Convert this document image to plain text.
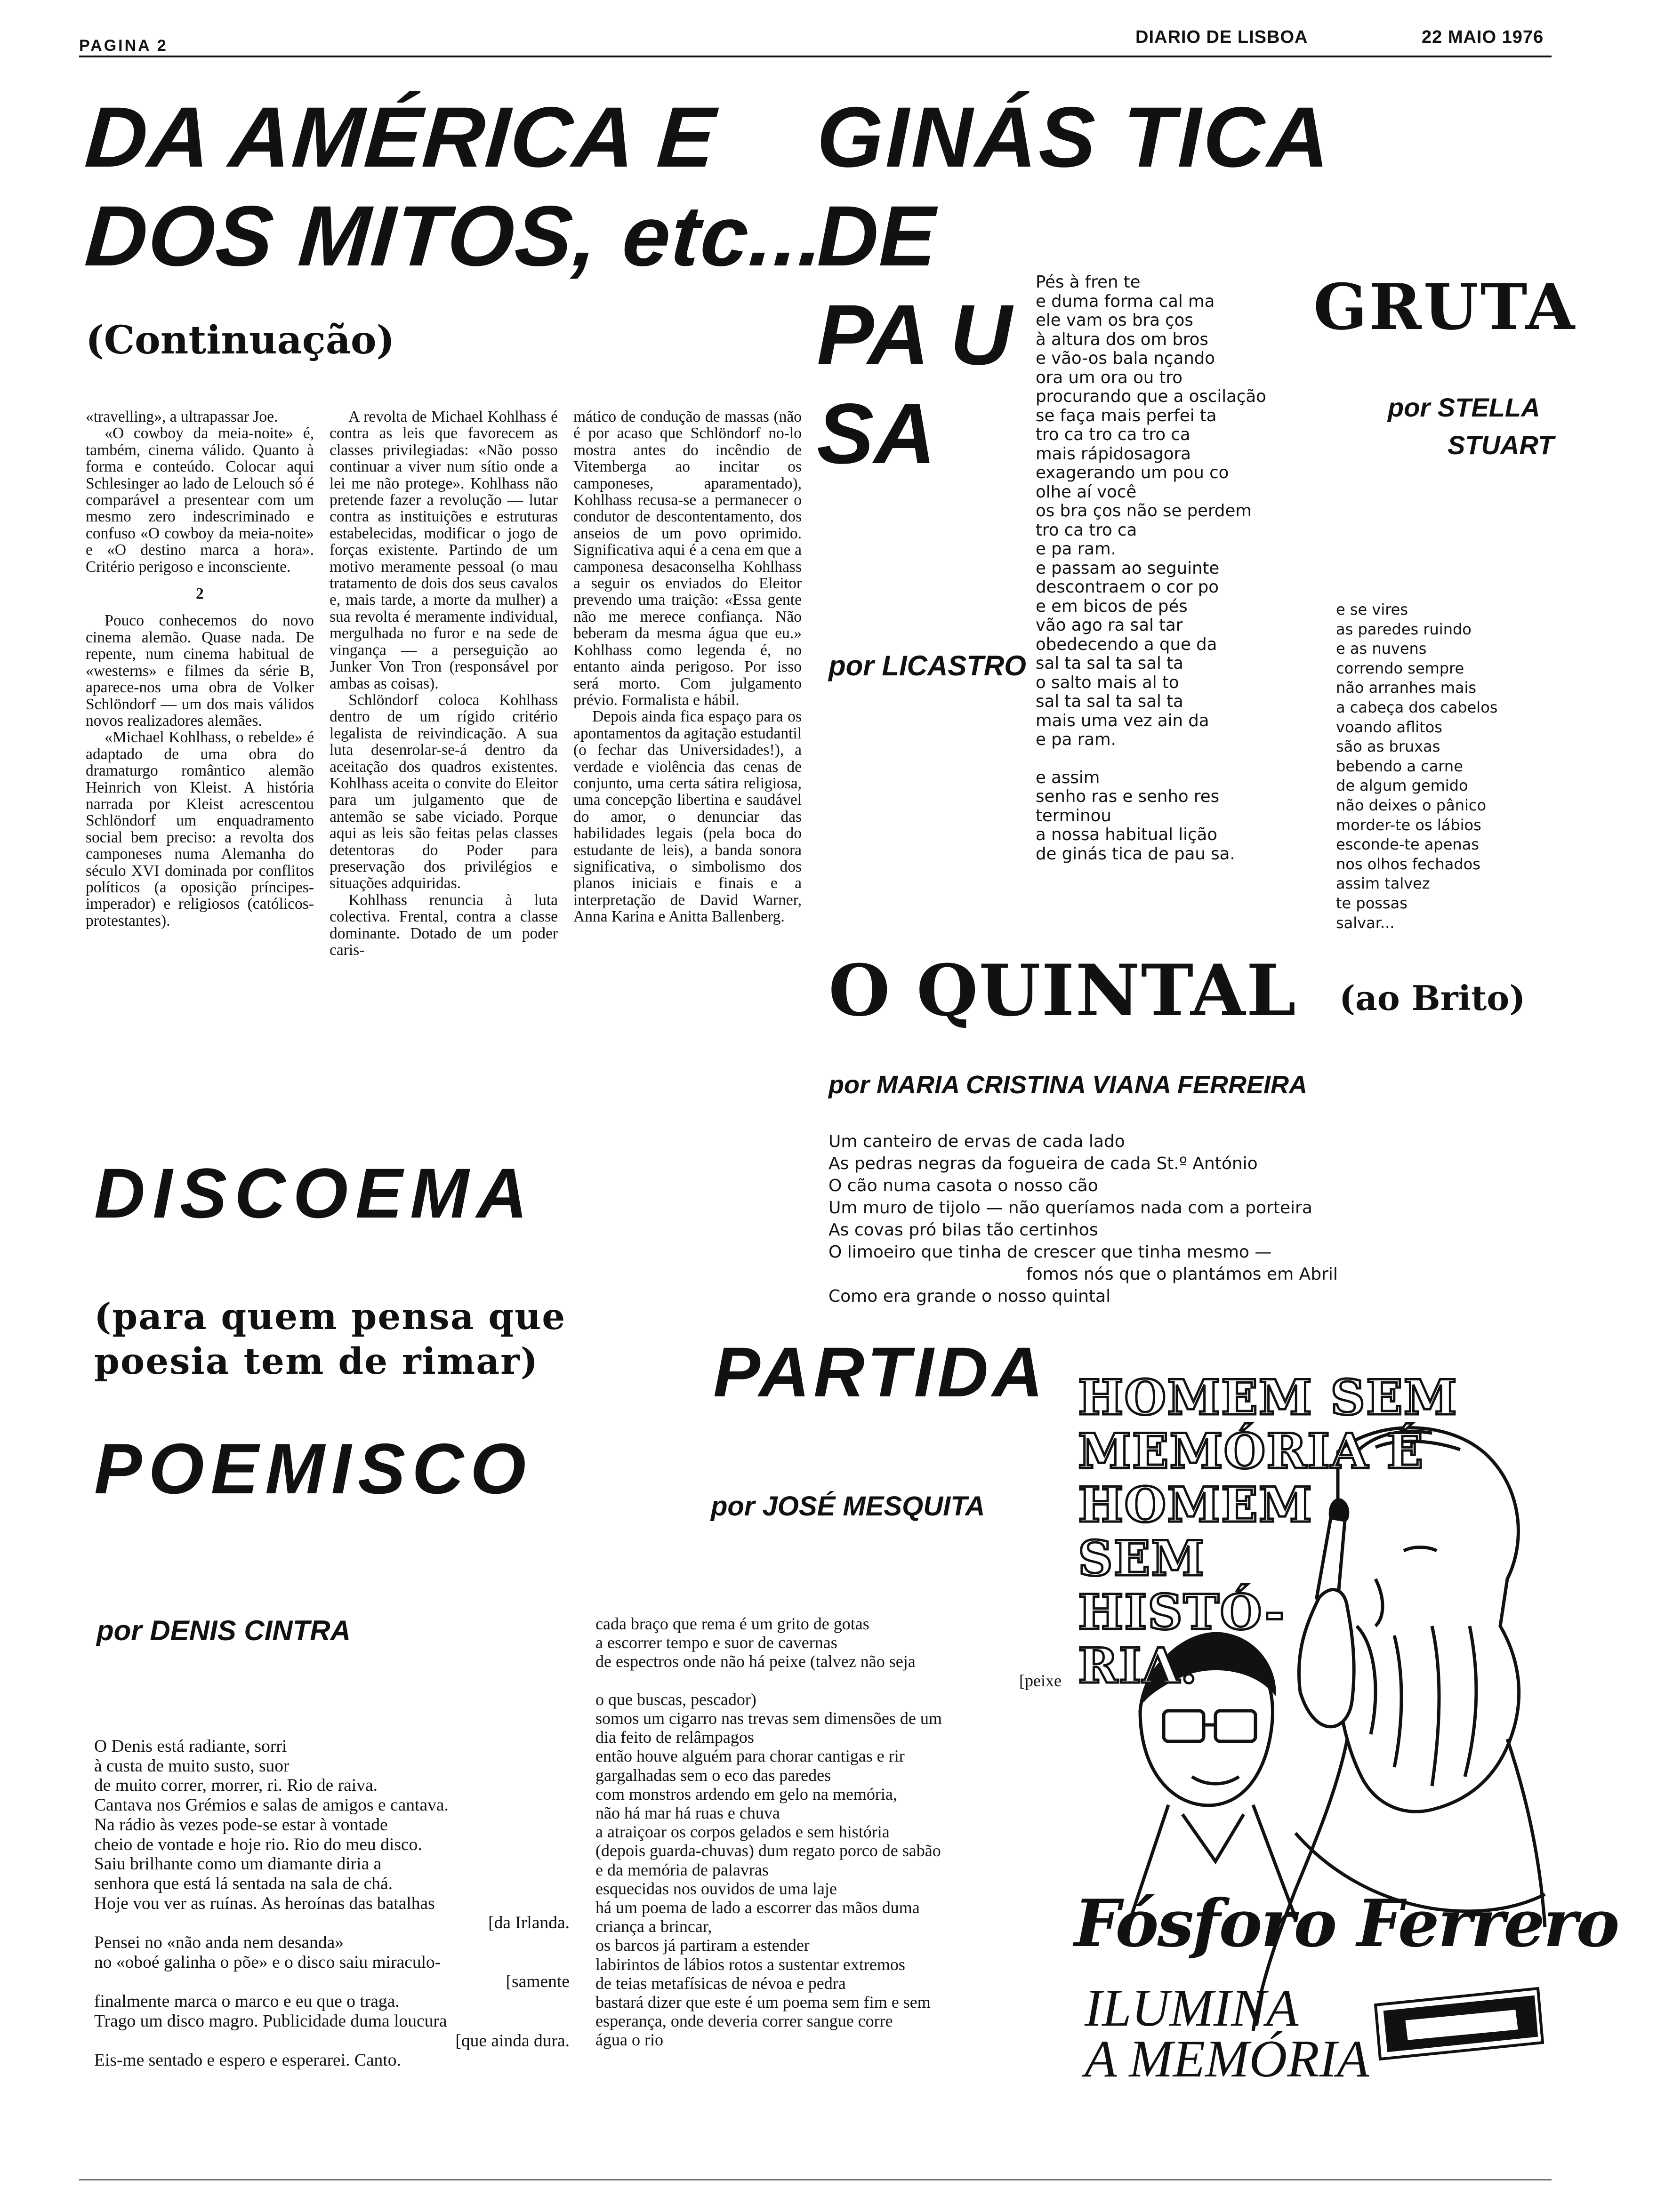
PAGINA 2	DIARIO DE LISBOA	22 MAIO 1976
DA AMÉRICA E
DOS MITOS, etc...
(Continuação)

«travelling», a ultrapassar Joe.

«O cowboy da meia-noite» é, também, cinema válido. Quanto à forma e conteúdo. Colocar aqui Schlesinger ao lado de Lelouch só é comparável a presentear com um mesmo zero indescriminado e confuso «O cowboy da meia-noite» e «O destino marca a hora». Critério perigoso e inconsciente.

2

Pouco conhecemos do novo cinema alemão. Quase nada. De repente, num cinema habitual de «westerns» e filmes da série B, aparece-nos uma obra de Volker Schlöndorf — um dos mais válidos novos realizadores alemães.

«Michael Kohlhass, o rebelde» é adaptado de uma obra do dramaturgo romântico alemão Heinrich von Kleist. A história narrada por Kleist acrescentou Schlöndorf um enquadramento social bem preciso: a revolta dos camponeses numa Alemanha do século XVI dominada por conflitos políticos (a oposição príncipes-imperador) e religiosos (católicos-protestantes).

A revolta de Michael Kohlhass é contra as leis que favorecem as classes privilegiadas: «Não posso continuar a viver num sítio onde a lei me não protege». Kohlhass não pretende fazer a revolução — lutar contra as instituições e estruturas estabelecidas, modificar o jogo de forças existente. Partindo de um motivo meramente pessoal (o mau tratamento de dois dos seus cavalos e, mais tarde, a morte da mulher) a sua revolta é meramente individual, mergulhada no furor e na sede de vingança — a perseguição ao Junker Von Tron (responsável por ambas as coisas).

Schlöndorf coloca Kohlhass dentro de um rígido critério legalista de reivindicação. A sua luta desenrolar-se-á dentro da aceitação dos quadros existentes. Kohlhass aceita o convite do Eleitor para um julgamento que de antemão se sabe viciado. Porque aqui as leis são feitas pelas classes detentoras do Poder para preservação dos privilégios e situações adquiridas.

Kohlhass renuncia à luta colectiva. Frental, contra a classe dominante. Dotado de um poder caris-

mático de condução de massas (não é por acaso que Schlöndorf no-lo mostra antes do incêndio de Vitemberga ao incitar os camponeses, aparamentado), Kohlhass recusa-se a permanecer o condutor de descontentamento, dos anseios de um povo oprimido. Significativa aqui é a cena em que a camponesa desaconselha Kohlhass a seguir os enviados do Eleitor prevendo uma traição: «Essa gente não me merece confiança. Não beberam da mesma água que eu.» Kohlhass como legenda é, no entanto ainda perigoso. Por isso será morto. Com julgamento prévio. Formalista e hábil.

Depois ainda fica espaço para os apontamentos da agitação estudantil (o fechar das Universidades!), a verdade e violência das cenas de conjunto, uma certa sátira religiosa, uma concepção libertina e saudável do amor, o denunciar das habilidades legais (pela boca do estudante de leis), a banda sonora significativa, o simbolismo dos planos iniciais e finais e a interpretação de David Warner, Anna Karina e Anitta Ballenberg.

GINÁS TICA
DE
PA U
SA
por LICASTRO
Pés à fren te
e duma forma cal ma
ele vam os bra ços
à altura dos om bros
e vão-os bala nçando
ora um ora ou tro
procurando que a oscilação
se faça mais perfei ta
tro ca tro ca tro ca
mais rápidosagora
exagerando um pou co
olhe aí você
os bra ços não se perdem
tro ca tro ca
e pa ram.
e passam ao seguinte
descontraem o cor po
e em bicos de pés
vão ago ra sal tar
obedecendo a que da
sal ta sal ta sal ta
o salto mais al to
sal ta sal ta sal ta
mais uma vez ain da
e pa ram.
e assim
senho ras e senho res
terminou
a nossa habitual lição
de ginás tica de pau sa.
GRUTA
por STELLA
STUART
e se vires
as paredes ruindo
e as nuvens
correndo sempre
não arranhes mais
a cabeça dos cabelos
voando aflitos
são as bruxas
bebendo a carne
de algum gemido
não deixes o pânico
morder-te os lábios
esconde-te apenas
nos olhos fechados
assim talvez
te possas
salvar...
O QUINTAL (ao Brito)
por MARIA CRISTINA VIANA FERREIRA
Um canteiro de ervas de cada lado
As pedras negras da fogueira de cada St.º António
O cão numa casota o nosso cão
Um muro de tijolo — não queríamos nada com a porteira
As covas pró bilas tão certinhos
O limoeiro que tinha de crescer que tinha mesmo —
fomos nós que o plantámos em Abril
Como era grande o nosso quintal
DISCOEMA
(para quem pensa que
poesia tem de rimar)
POEMISCO
por DENIS CINTRA
O Denis está radiante, sorri
à custa de muito susto, suor
de muito correr, morrer, ri. Rio de raiva.
Cantava nos Grémios e salas de amigos e cantava.
Na rádio às vezes pode-se estar à vontade
cheio de vontade e hoje rio. Rio do meu disco.
Saiu brilhante como um diamante diria a
senhora que está lá sentada na sala de chá.
Hoje vou ver as ruínas. As heroínas das batalhas
[da Irlanda.
Pensei no «não anda nem desanda»
no «oboé galinha o põe» e o disco saiu miraculo-
[samente
finalmente marca o marco e eu que o traga.
Trago um disco magro. Publicidade duma loucura
[que ainda dura.
Eis-me sentado e espero e esperarei. Canto.
PARTIDA
por JOSÉ MESQUITA
cada braço que rema é um grito de gotas
a escorrer tempo e suor de cavernas
de espectros onde não há peixe (talvez não seja
[peixe
o que buscas, pescador)
somos um cigarro nas trevas sem dimensões de um
dia feito de relâmpagos
então houve alguém para chorar cantigas e rir
gargalhadas sem o eco das paredes
com monstros ardendo em gelo na memória,
não há mar há ruas e chuva
a atraiçoar os corpos gelados e sem história
(depois guarda-chuvas) dum regato porco de sabão
e da memória de palavras
esquecidas nos ouvidos de uma laje
há um poema de lado a escorrer das mãos duma
criança a brincar,
os barcos já partiram a estender
labirintos de lábios rotos a sustentar extremos
de teias metafísicas de névoa e pedra
bastará dizer que este é um poema sem fim e sem
esperança, onde deveria correr sangue corre
água o rio
HOMEM SEM
MEMÓRIA É
HOMEM
SEM
HISTÓ-
RIA.
Fósforo Ferrero
ILUMINA
A MEMÓRIA
